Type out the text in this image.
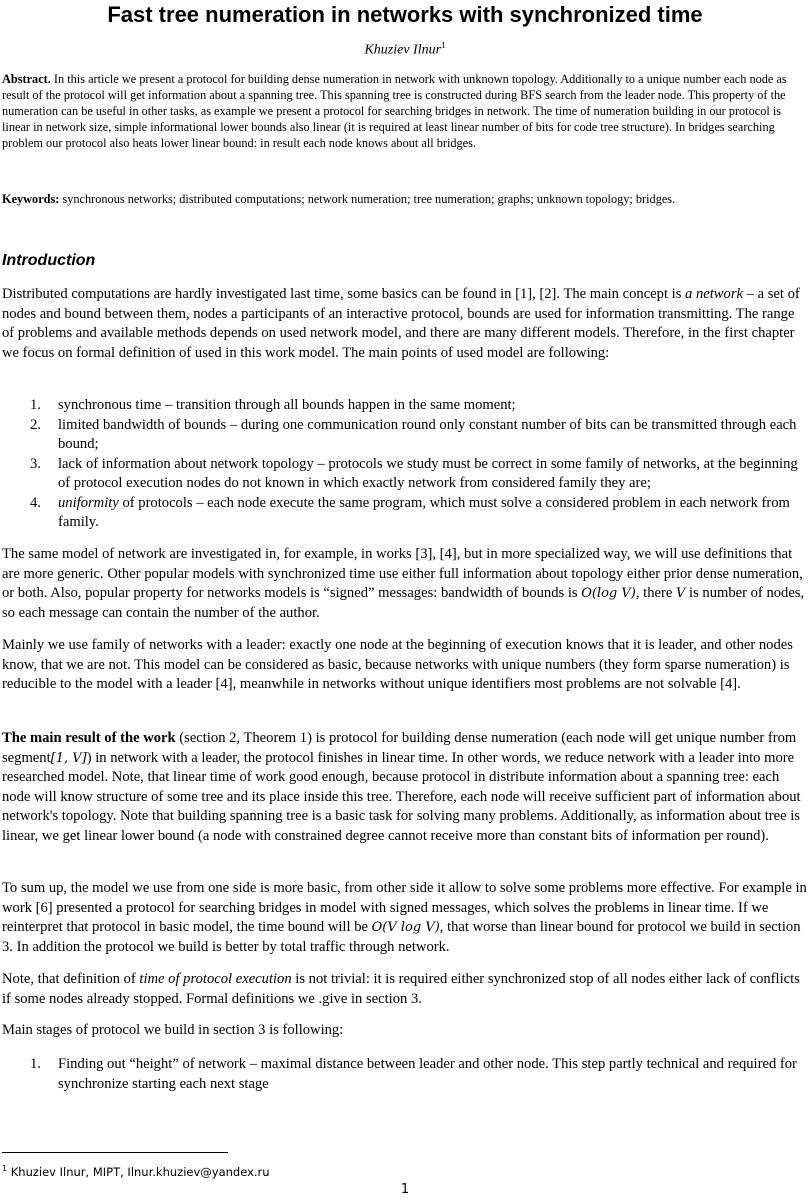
Fast tree numeration in networks with synchronized time
Khuziev Ilnur$^1$

Abstract. In this article we present a protocol for building dense numeration in network with unknown topology. Additionally to a unique number each node as result of the protocol will get information about a spanning tree. This spanning tree is constructed during BFS search from the leader node. This property of the numeration can be useful in other tasks, as example we present a protocol for searching bridges in network. The time of numeration building in our protocol is linear in network size, simple informational lower bounds also linear (it is required at least linear number of bits for code tree structure). In bridges searching problem our protocol also heats lower linear bound: in result each node knows about all bridges.

Keywords: synchronous networks; distributed computations; network numeration; tree numeration; graphs; unknown topology; bridges.

Introduction

Distributed computations are hardly investigated last time, some basics can be found in [1], [2]. The main concept is a network – a set of nodes and bound between them, nodes a participants of an interactive protocol, bounds are used for information transmitting. The range of problems and available methods depends on used network model, and there are many different models. Therefore, in the first chapter we focus on formal definition of used in this work model. The main points of used model are following:

1. synchronous time – transition through all bounds happen in the same moment;
2. limited bandwidth of bounds – during one communication round only constant number of bits can be transmitted through each bound;
3. lack of information about network topology – protocols we study must be correct in some family of networks, at the beginning of protocol execution nodes do not known in which exactly network from considered family they are;
4. uniformity of protocols – each node execute the same program, which must solve a considered problem in each network from family.

The same model of network are investigated in, for example, in works [3], [4], but in more specialized way, we will use definitions that are more generic. Other popular models with synchronized time use either full information about topology either prior dense numeration, or both. Also, popular property for networks models is “signed” messages: bandwidth of bounds is O(log V), there V is number of nodes, so each message can contain the number of the author.

Mainly we use family of networks with a leader: exactly one node at the beginning of execution knows that it is leader, and other nodes know, that we are not. This model can be considered as basic, because networks with unique numbers (they form sparse numeration) is reducible to the model with a leader [4], meanwhile in networks without unique identifiers most problems are not solvable [4].

The main result of the work (section 2, Theorem 1) is protocol for building dense numeration (each node will get unique number from segment[1, V]) in network with a leader, the protocol finishes in linear time. In other words, we reduce network with a leader into more researched model. Note, that linear time of work good enough, because protocol in distribute information about a spanning tree: each node will know structure of some tree and its place inside this tree. Therefore, each node will receive sufficient part of information about network's topology. Note that building spanning tree is a basic task for solving many problems. Additionally, as information about tree is linear, we get linear lower bound (a node with constrained degree cannot receive more than constant bits of information per round).

To sum up, the model we use from one side is more basic, from other side it allow to solve some problems more effective. For example in work [6] presented a protocol for searching bridges in model with signed messages, which solves the problems in linear time. If we reinterpret that protocol in basic model, the time bound will be O(V log V), that worse than linear bound for protocol we build in section 3. In addition the protocol we build is better by total traffic through network.

Note, that definition of time of protocol execution is not trivial: it is required either synchronized stop of all nodes either lack of conflicts if some nodes already stopped. Formal definitions we .give in section 3.

Main stages of protocol we build in section 3 is following:

1. Finding out “height” of network – maximal distance between leader and other node. This step partly technical and required for synchronize starting each next stage
$^1$ Khuziev Ilnur, MIPT, Ilnur.khuziev@yandex.ru
1
